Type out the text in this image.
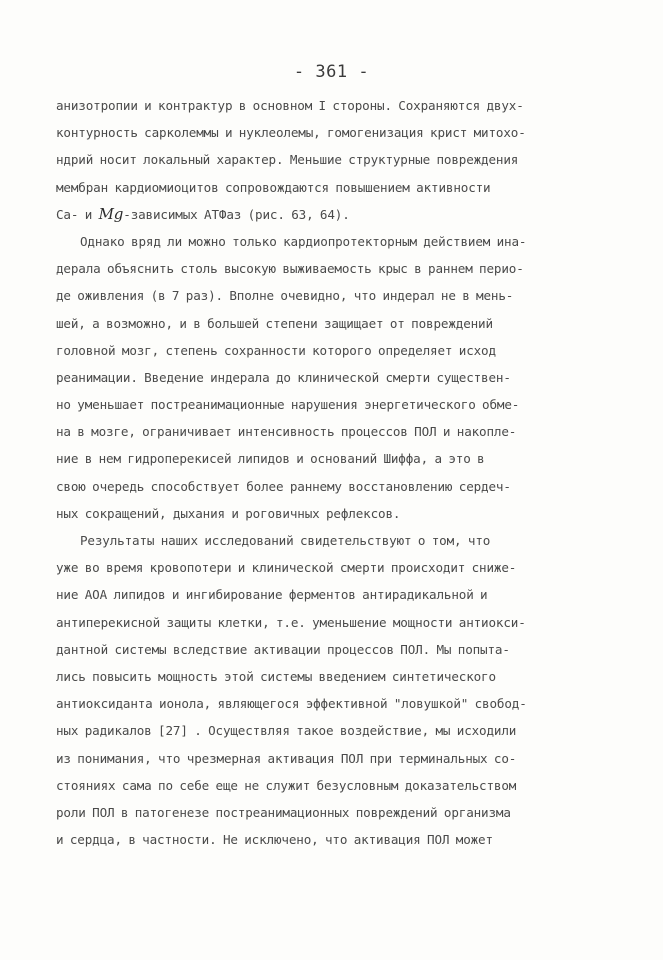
- 361 -
анизотропии и контрактур в основном I стороны. Сохраняются двух-
контурность сарколеммы и нуклеолемы, гомогенизация крист митохо-
ндрий носит локальный характер. Меньшие структурные повреждения
мембран кардиомиоцитов сопровождаются повышением активности
Ca- и Mg-зависимых АТФаз (рис. 63, 64).
Однако вряд ли можно только кардиопротекторным действием ина-
дерала объяснить столь высокую выживаемость крыс в раннем перио-
де оживления (в 7 раз). Вполне очевидно, что индерал не в мень-
шей, а возможно, и в большей степени защищает от повреждений
головной мозг, степень сохранности которого определяет исход
реанимации. Введение индерала до клинической смерти существен-
но уменьшает постреанимационные нарушения энергетического обме-
на в мозге, ограничивает интенсивность процессов ПОЛ и накопле-
ние в нем гидроперекисей липидов и оснований Шиффа, а это в
свою очередь способствует более раннему восстановлению сердеч-
ных сокращений, дыхания и роговичных рефлексов.
Результаты наших исследований свидетельствуют о том, что
уже во время кровопотери и клинической смерти происходит сниже-
ние АОА липидов и ингибирование ферментов антирадикальной и
антиперекисной защиты клетки, т.е. уменьшение мощности антиокси-
дантной системы вследствие активации процессов ПОЛ. Мы попыта-
лись повысить мощность этой системы введением синтетического
антиоксиданта ионола, являющегося эффективной "ловушкой" свобод-
ных радикалов [27] . Осуществляя такое воздействие, мы исходили
из понимания, что чрезмерная активация ПОЛ при терминальных со-
стояниях сама по себе еще не служит безусловным доказательством
роли ПОЛ в патогенезе постреанимационных повреждений организма
и сердца, в частности. Не исключено, что активация ПОЛ может
